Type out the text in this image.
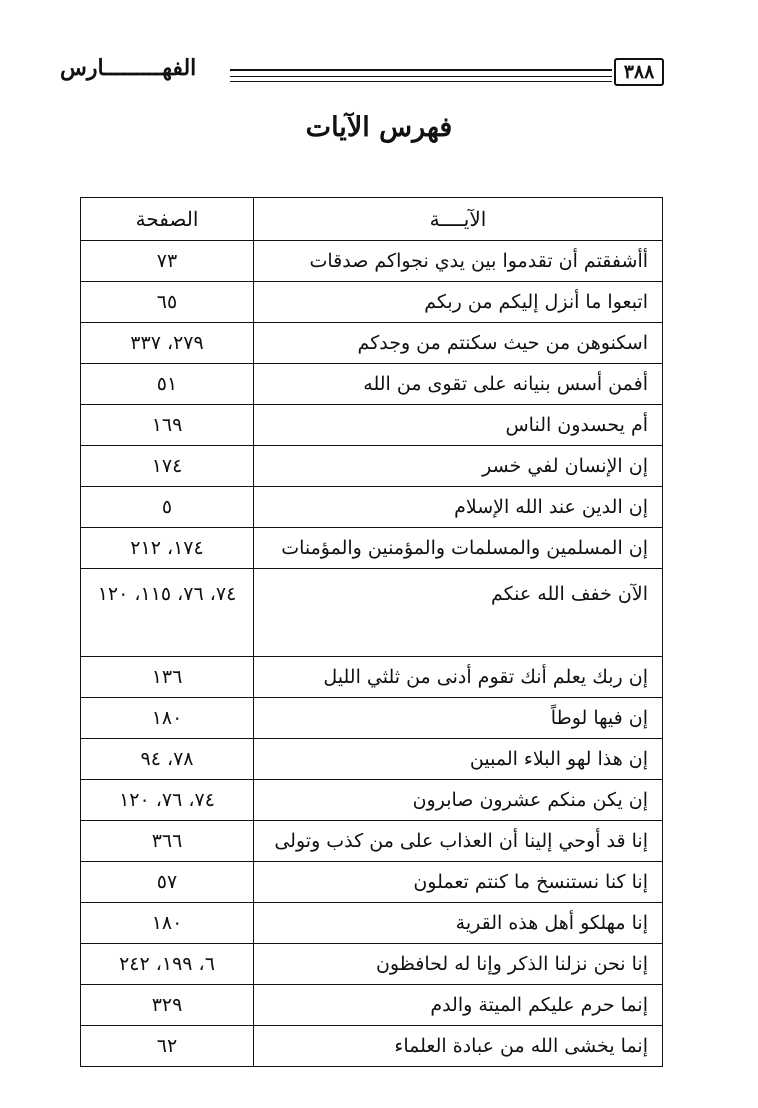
الفهـــــــــارس	٣٨٨
فهرس الآيات
الآيــــة	الصفحة
أأشفقتم أن تقدموا بين يدي نجواكم صدقات	٧٣
اتبعوا ما أنزل إليكم من ربكم	٦٥
اسكنوهن من حيث سكنتم من وجدكم	٢٧٩، ٣٣٧
أفمن أسس بنيانه على تقوى من الله	٥١
أم يحسدون الناس	١٦٩
إن الإنسان لفي خسر	١٧٤
إن الدين عند الله الإسلام	٥
إن المسلمين والمسلمات والمؤمنين والمؤمنات	١٧٤، ٢١٢
الآن خفف الله عنكم	٧٤، ٧٦، ١١٥، ١٢٠
إن ربك يعلم أنك تقوم أدنى من ثلثي الليل	١٣٦
إن فيها لوطاً	١٨٠
إن هذا لهو البلاء المبين	٧٨، ٩٤
إن يكن منكم عشرون صابرون	٧٤، ٧٦، ١٢٠
إنا قد أوحي إلينا أن العذاب على من كذب وتولى	٣٦٦
إنا كنا نستنسخ ما كنتم تعملون	٥٧
إنا مهلكو أهل هذه القرية	١٨٠
إنا نحن نزلنا الذكر وإنا له لحافظون	٦، ١٩٩، ٢٤٢
إنما حرم عليكم الميتة والدم	٣٢٩
إنما يخشى الله من عبادة العلماء	٦٢
